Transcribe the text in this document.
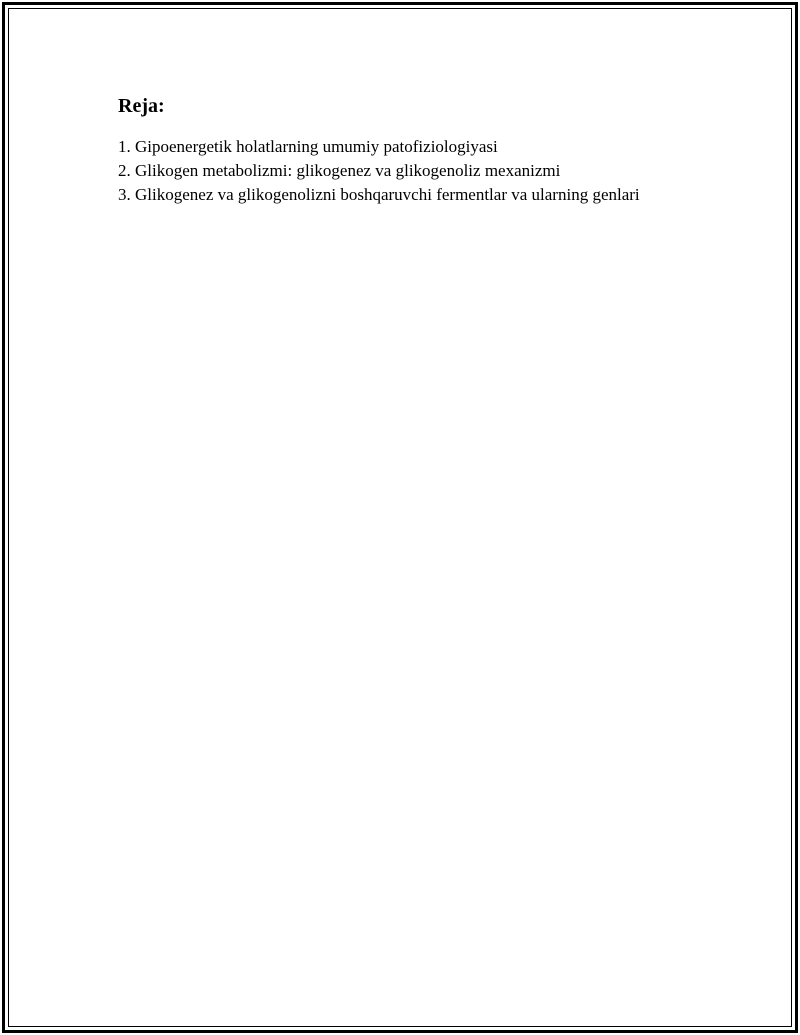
Reja:
1. Gipoenergetik holatlarning umumiy patofiziologiyasi
2. Glikogen metabolizmi: glikogenez va glikogenoliz mexanizmi
3. Glikogenez va glikogenolizni boshqaruvchi fermentlar va ularning genlari
